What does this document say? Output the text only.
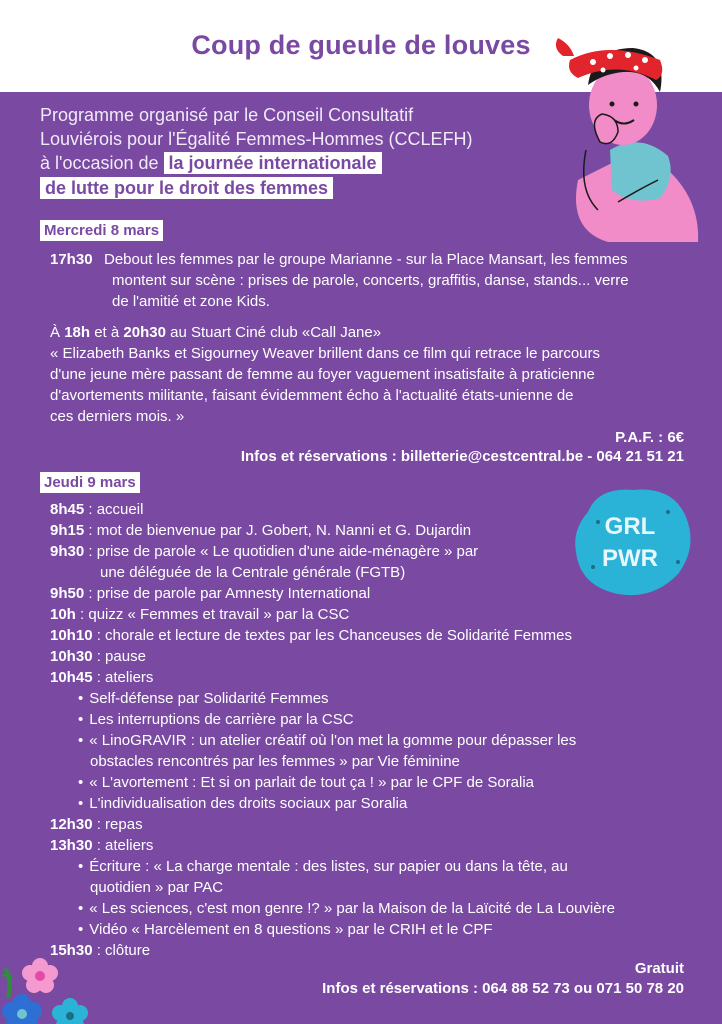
Coup de gueule de louves
Programme organisé par le Conseil Consultatif
Louviérois pour l'Égalité Femmes-Hommes (CCLEFH)
à l'occasion de la journée internationale
de lutte pour le droit des femmes
Mercredi 8 mars
17h30 Debout les femmes par le groupe Marianne - sur la Place Mansart, les femmes
montent sur scène : prises de parole, concerts, graffitis, danse, stands... verre
de l'amitié et zone Kids.
À 18h et à 20h30 au Stuart Ciné club «Call Jane»
« Elizabeth Banks et Sigourney Weaver brillent dans ce film qui retrace le parcours
d'une jeune mère passant de femme au foyer vaguement insatisfaite à praticienne
d'avortements militante, faisant évidemment écho à l'actualité états-unienne de
ces derniers mois. »
P.A.F. : 6€
Infos et réservations : billetterie@cestcentral.be - 064 21 51 21
Jeudi 9 mars
GRL
PWR
8h45 : accueil
9h15 : mot de bienvenue par J. Gobert, N. Nanni et G. Dujardin
9h30 : prise de parole « Le quotidien d'une aide-ménagère » par
une déléguée de la Centrale générale (FGTB)
9h50 : prise de parole par Amnesty International
10h : quizz « Femmes et travail » par la CSC
10h10 : chorale et lecture de textes par les Chanceuses de Solidarité Femmes
10h30 : pause
10h45 : ateliers
• Self-défense par Solidarité Femmes
• Les interruptions de carrière par la CSC
• « LinoGRAVIR : un atelier créatif où l'on met la gomme pour dépasser les
obstacles rencontrés par les femmes » par Vie féminine
• « L'avortement : Et si on parlait de tout ça ! » par le CPF de Soralia
• L'individualisation des droits sociaux par Soralia
12h30 : repas
13h30 : ateliers
• Écriture : « La charge mentale : des listes, sur papier ou dans la tête, au
quotidien » par PAC
• « Les sciences, c'est mon genre !? » par la Maison de la Laïcité de La Louvière
• Vidéo « Harcèlement en 8 questions » par le CRIH et le CPF
15h30 : clôture
Gratuit
Infos et réservations : 064 88 52 73 ou 071 50 78 20
